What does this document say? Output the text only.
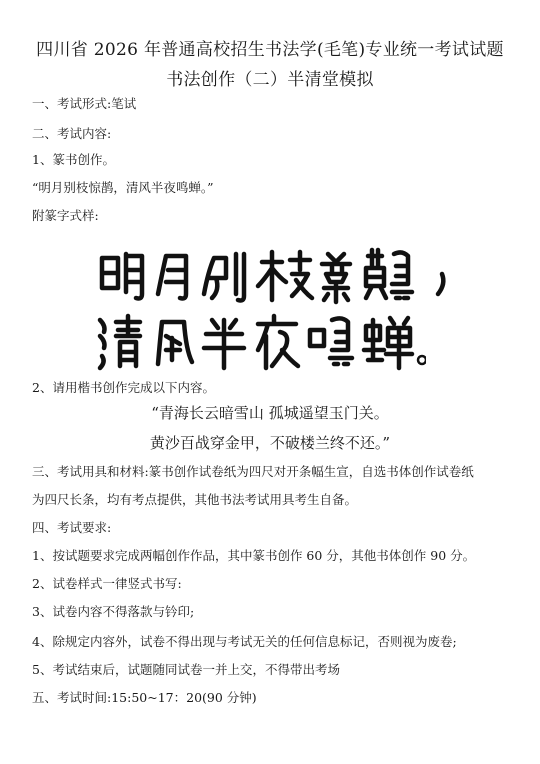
四川省 2026 年普通高校招生书法学(毛笔)专业统一考试试题
书法创作（二）半清堂模拟
一、考试形式:笔试
二、考试内容:
1、篆书创作。
“明月别枝惊鹊，清风半夜鸣蝉。”
附篆字式样:
2、请用楷书创作完成以下内容。
“青海长云暗雪山 孤城遥望玉门关。
黄沙百战穿金甲，不破楼兰终不还。”
三、考试用具和材料:篆书创作试卷纸为四尺对开条幅生宣，自选书体创作试卷纸
为四尺长条，均有考点提供，其他书法考试用具考生自备。
四、考试要求:
1、按试题要求完成两幅创作作品，其中篆书创作 60 分，其他书体创作 90 分。
2、试卷样式一律竖式书写:
3、试卷内容不得落款与钤印;
4、除规定内容外，试卷不得出现与考试无关的任何信息标记，否则视为废卷;
5、考试结束后，试题随同试卷一并上交，不得带出考场
五、考试时间:15:50~17：20(90 分钟)
